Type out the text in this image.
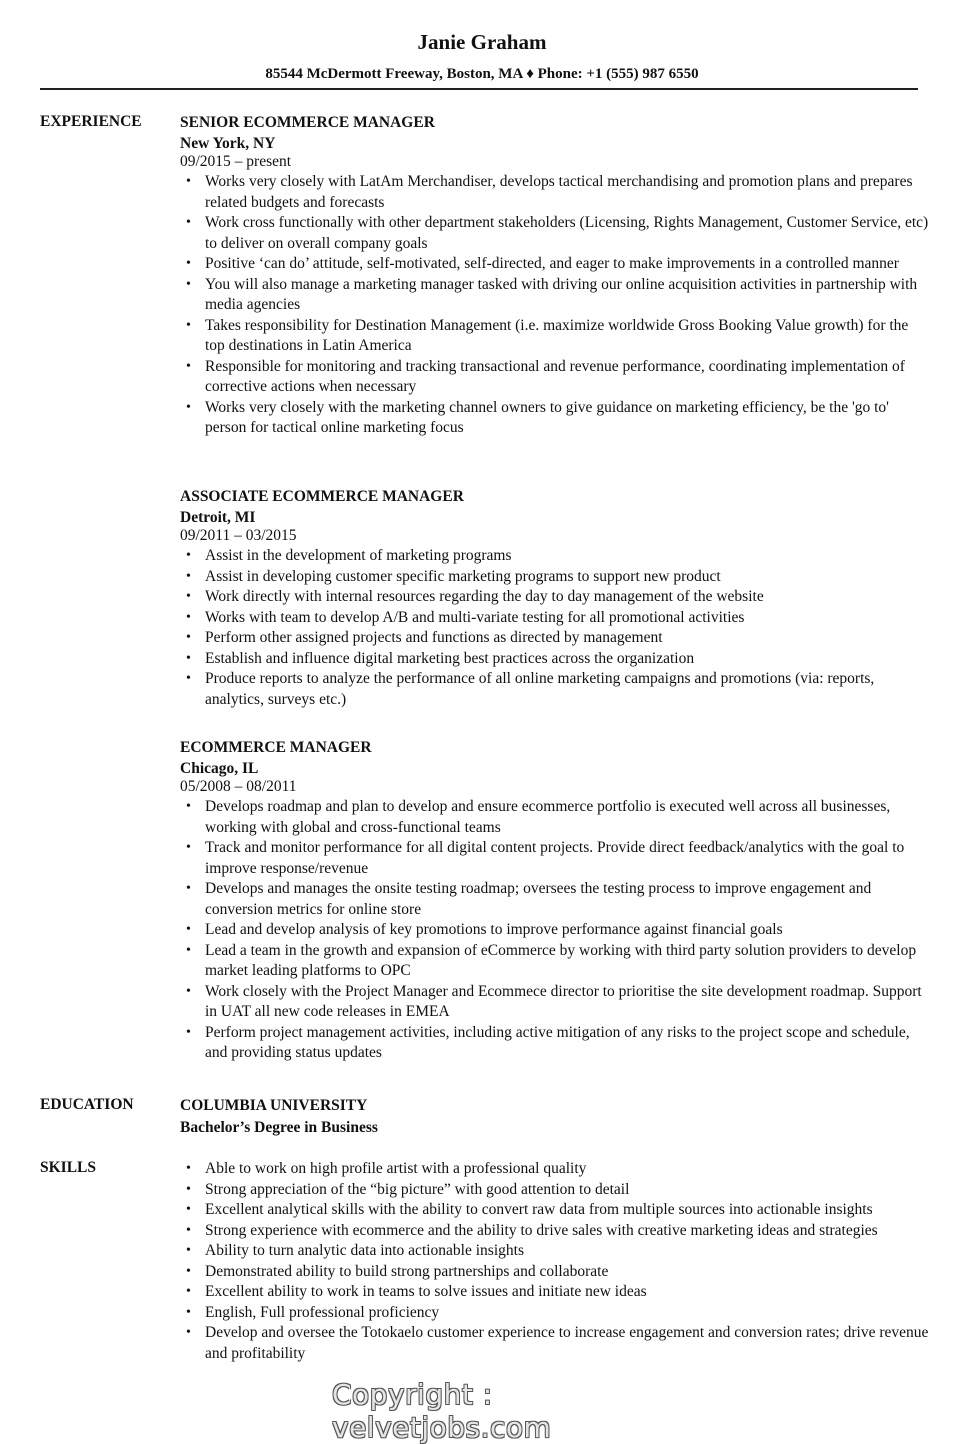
Janie Graham
85544 McDermott Freeway, Boston, MA ♦ Phone: +1 (555) 987 6550
EXPERIENCE SENIOR ECOMMERCE MANAGER
New York, NY
09/2015 – present
• Works very closely with LatAm Merchandiser, develops tactical merchandising and promotion plans and prepares related budgets and forecasts
• Work cross functionally with other department stakeholders (Licensing, Rights Management, Customer Service, etc) to deliver on overall company goals
• Positive ‘can do’ attitude, self-motivated, self-directed, and eager to make improvements in a controlled manner
• You will also manage a marketing manager tasked with driving our online acquisition activities in partnership with media agencies
• Takes responsibility for Destination Management (i.e. maximize worldwide Gross Booking Value growth) for the top destinations in Latin America
• Responsible for monitoring and tracking transactional and revenue performance, coordinating implementation of corrective actions when necessary
• Works very closely with the marketing channel owners to give guidance on marketing efficiency, be the 'go to' person for tactical online marketing focus
ASSOCIATE ECOMMERCE MANAGER
Detroit, MI
09/2011 – 03/2015
• Assist in the development of marketing programs
• Assist in developing customer specific marketing programs to support new product
• Work directly with internal resources regarding the day to day management of the website
• Works with team to develop A/B and multi-variate testing for all promotional activities
• Perform other assigned projects and functions as directed by management
• Establish and influence digital marketing best practices across the organization
• Produce reports to analyze the performance of all online marketing campaigns and promotions (via: reports, analytics, surveys etc.)
ECOMMERCE MANAGER
Chicago, IL
05/2008 – 08/2011
• Develops roadmap and plan to develop and ensure ecommerce portfolio is executed well across all businesses, working with global and cross-functional teams
• Track and monitor performance for all digital content projects. Provide direct feedback/analytics with the goal to improve response/revenue
• Develops and manages the onsite testing roadmap; oversees the testing process to improve engagement and conversion metrics for online store
• Lead and develop analysis of key promotions to improve performance against financial goals
• Lead a team in the growth and expansion of eCommerce by working with third party solution providers to develop market leading platforms to OPC
• Work closely with the Project Manager and Ecommece director to prioritise the site development roadmap. Support in UAT all new code releases in EMEA
• Perform project management activities, including active mitigation of any risks to the project scope and schedule, and providing status updates
EDUCATION	COLUMBIA UNIVERSITY
Bachelor’s Degree in Business
SKILLS
•	Able to work on high profile artist with a professional quality
• Strong appreciation of the “big picture” with good attention to detail
• Excellent analytical skills with the ability to convert raw data from multiple sources into actionable insights
• Strong experience with ecommerce and the ability to drive sales with creative marketing ideas and strategies
• Ability to turn analytic data into actionable insights
• Demonstrated ability to build strong partnerships and collaborate
• Excellent ability to work in teams to solve issues and initiate new ideas
• English, Full professional proficiency
• Develop and oversee the Totokaelo customer experience to increase engagement and conversion rates; drive revenue and profitability
Copyright : velvetjobs.com
